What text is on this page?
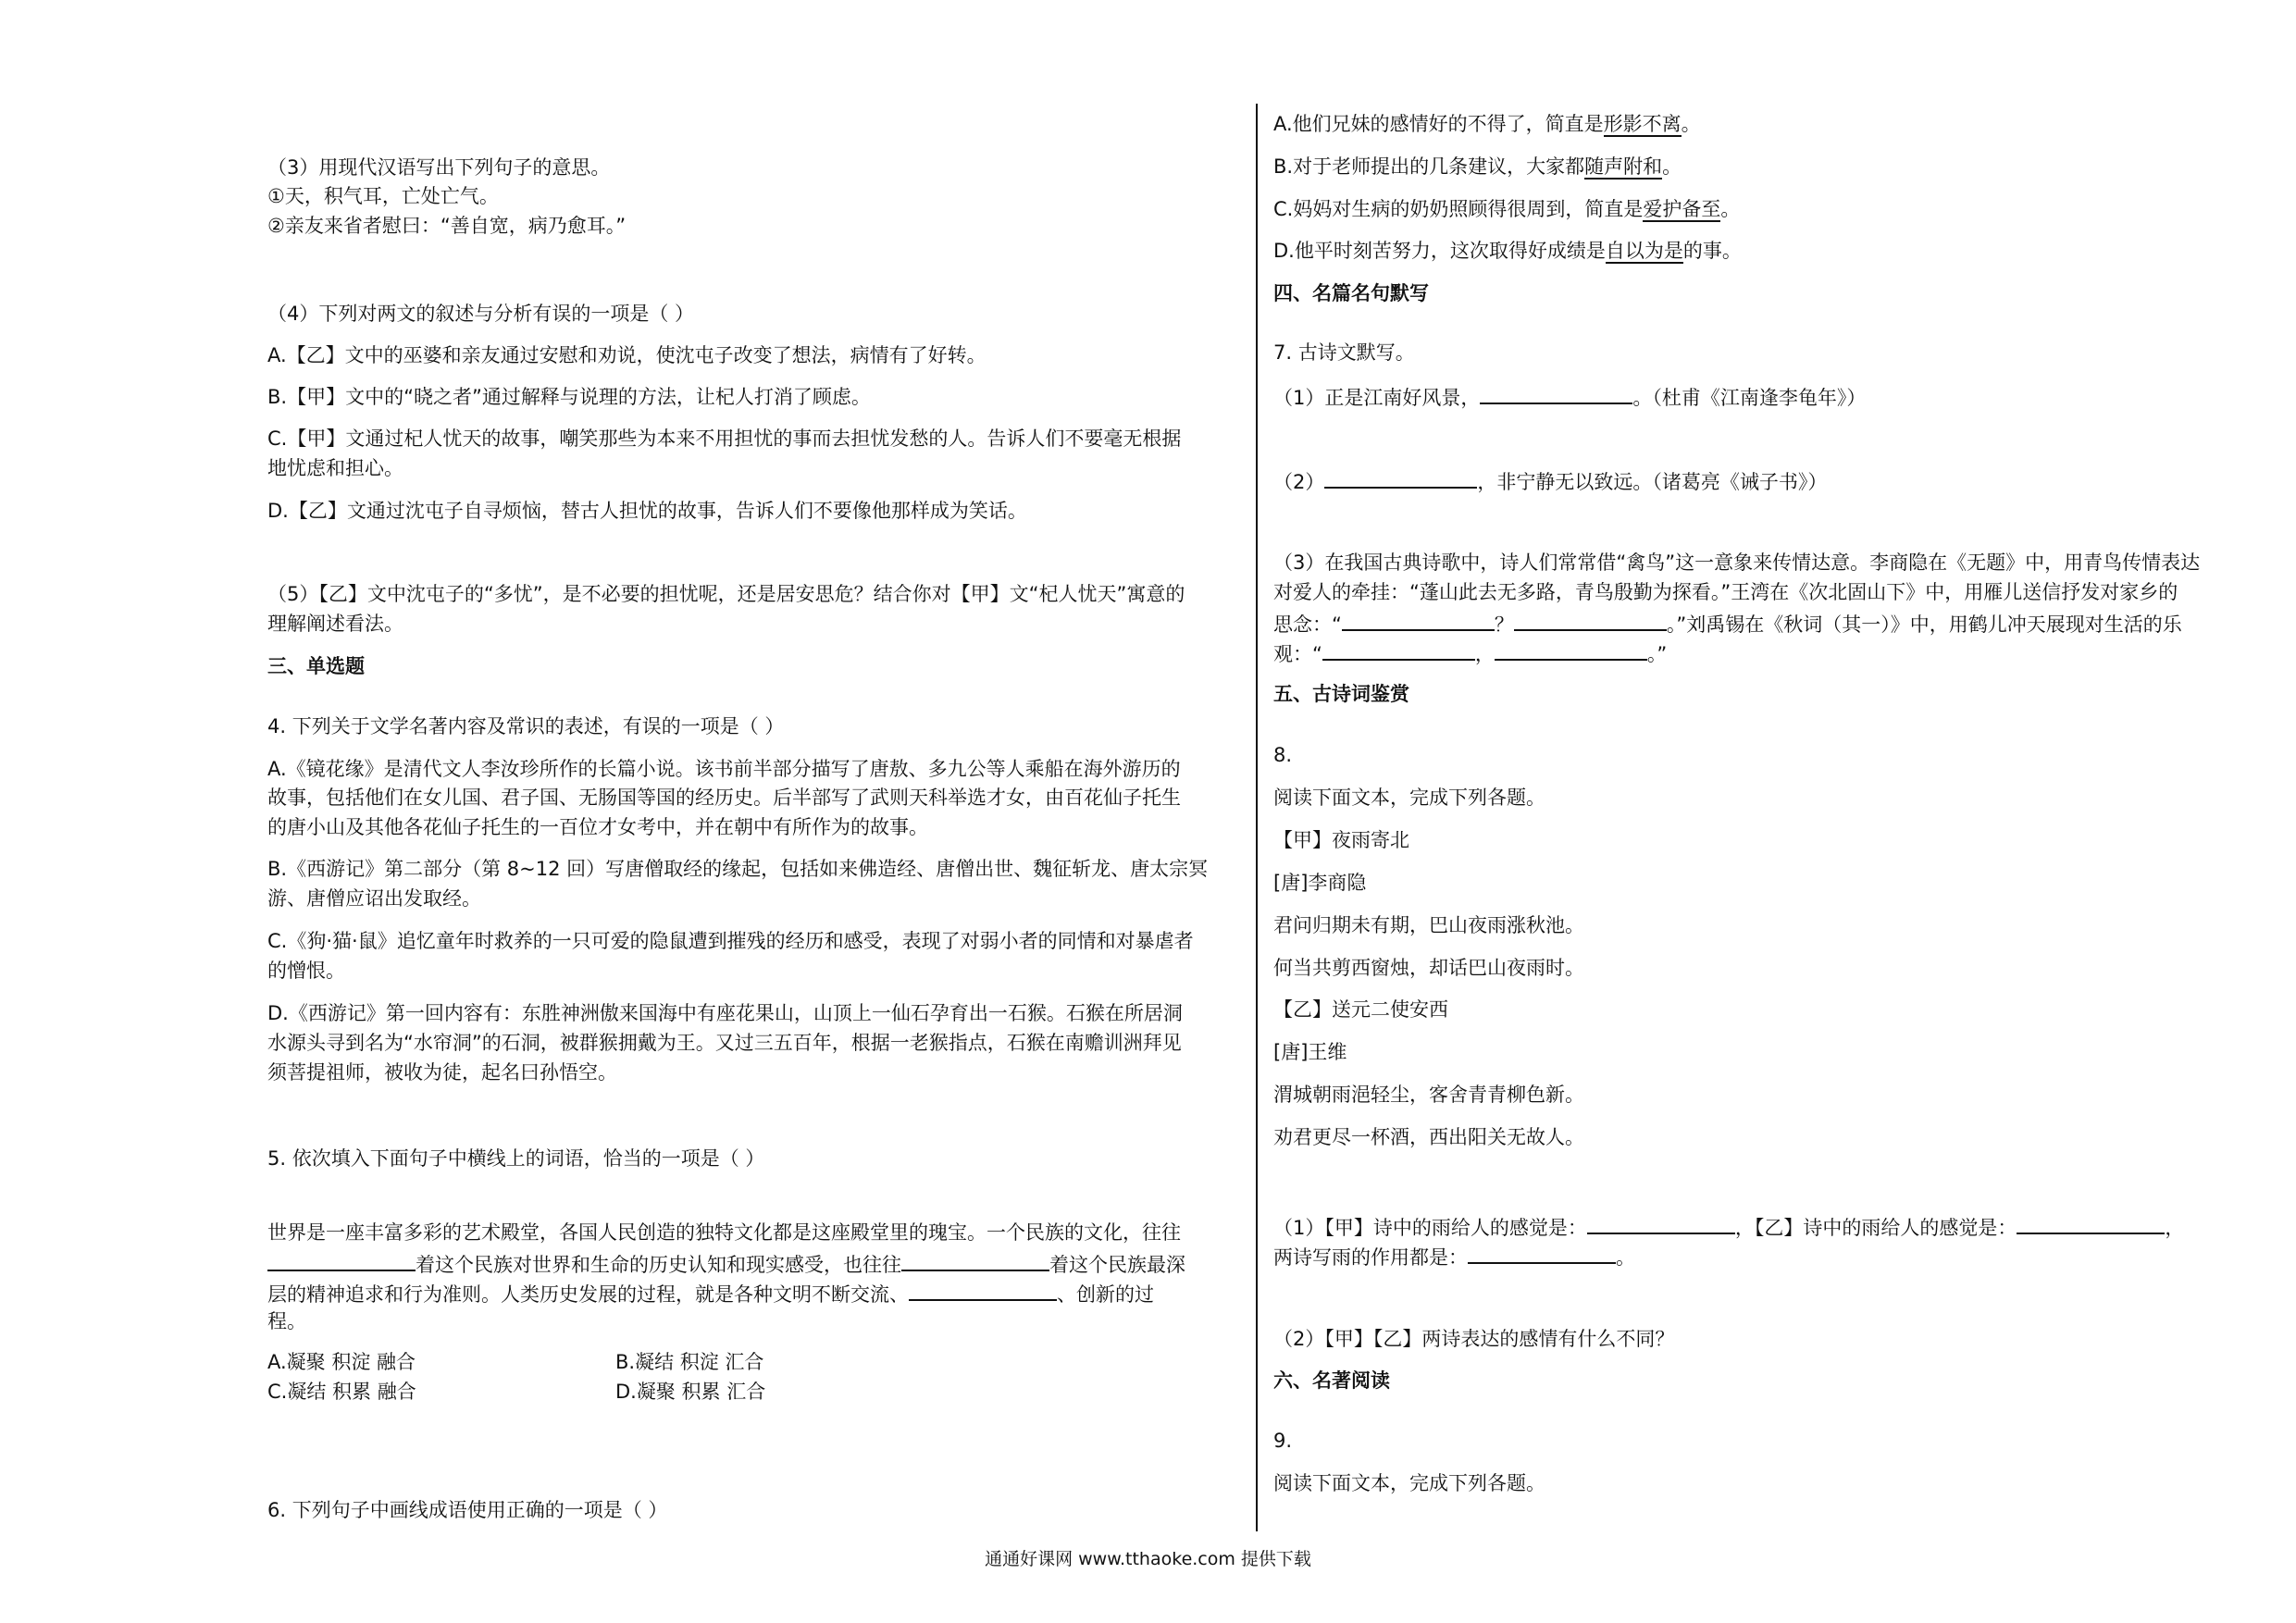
（3）用现代汉语写出下列句子的意思。
①天，积气耳，亡处亡气。
②亲友来省者慰曰：“善自宽，病乃愈耳。”
（4）下列对两文的叙述与分析有误的一项是（ ）
A.【乙】文中的巫婆和亲友通过安慰和劝说，使沈屯子改变了想法，病情有了好转。
B.【甲】文中的“晓之者”通过解释与说理的方法，让杞人打消了顾虑。
C.【甲】文通过杞人忧天的故事，嘲笑那些为本来不用担忧的事而去担忧发愁的人。告诉人们不要毫无根据
地忧虑和担心。
D.【乙】文通过沈屯子自寻烦恼，替古人担忧的故事，告诉人们不要像他那样成为笑话。
（5）【乙】文中沈屯子的“多忧”，是不必要的担忧呢，还是居安思危？结合你对【甲】文“杞人忧天”寓意的
理解阐述看法。
三、单选题
4. 下列关于文学名著内容及常识的表述，有误的一项是（ ）
A.《镜花缘》是清代文人李汝珍所作的长篇小说。该书前半部分描写了唐敖、多九公等人乘船在海外游历的
故事，包括他们在女儿国、君子国、无肠国等国的经历史。后半部写了武则天科举选才女，由百花仙子托生
的唐小山及其他各花仙子托生的一百位才女考中，并在朝中有所作为的故事。
B.《西游记》第二部分（第 8~12 回）写唐僧取经的缘起，包括如来佛造经、唐僧出世、魏征斩龙、唐太宗冥
游、唐僧应诏出发取经。
C.《狗·猫·鼠》追忆童年时救养的一只可爱的隐鼠遭到摧残的经历和感受，表现了对弱小者的同情和对暴虐者
的憎恨。
D.《西游记》第一回内容有：东胜神洲傲来国海中有座花果山，山顶上一仙石孕育出一石猴。石猴在所居洞
水源头寻到名为“水帘洞”的石洞，被群猴拥戴为王。又过三五百年，根据一老猴指点，石猴在南赡训洲拜见
须菩提祖师，被收为徒，起名曰孙悟空。
5. 依次填入下面句子中横线上的词语，恰当的一项是（ ）
世界是一座丰富多彩的艺术殿堂，各国人民创造的独特文化都是这座殿堂里的瑰宝。一个民族的文化，往往
着这个民族对世界和生命的历史认知和现实感受，也往往	着这个民族最深
层的精神追求和行为准则。人类历史发展的过程，就是各种文明不断交流、	、创新的过
程。
A.凝聚 积淀 融合	B.凝结 积淀 汇合
C.凝结 积累 融合	D.凝聚 积累 汇合
6. 下列句子中画线成语使用正确的一项是（ ）
A.他们兄妹的感情好的不得了，简直是形影不离。
B.对于老师提出的几条建议，大家都随声附和。
C.妈妈对生病的奶奶照顾得很周到，简直是爱护备至。
D.他平时刻苦努力，这次取得好成绩是自以为是的事。
四、名篇名句默写
7. 古诗文默写。
（1）正是江南好风景，	。（杜甫《江南逢李龟年》）
（2）	，非宁静无以致远。（诸葛亮《诫子书》）
（3）在我国古典诗歌中，诗人们常常借“禽鸟”这一意象来传情达意。李商隐在《无题》中，用青鸟传情表达
对爱人的牵挂：“蓬山此去无多路，青鸟殷勤为探看。”王湾在《次北固山下》中，用雁儿送信抒发对家乡的
思念：“	？	。”刘禹锡在《秋词（其一）》中，用鹤儿冲天展现对生活的乐
观：“	，	。”
五、古诗词鉴赏
8.
阅读下面文本，完成下列各题。
【甲】夜雨寄北
[唐]李商隐
君问归期未有期，巴山夜雨涨秋池。
何当共剪西窗烛，却话巴山夜雨时。
【乙】送元二使安西
[唐]王维
渭城朝雨浥轻尘，客舍青青柳色新。
劝君更尽一杯酒，西出阳关无故人。
（1）【甲】诗中的雨给人的感觉是：	，【乙】诗中的雨给人的感觉是：	，
两诗写雨的作用都是：	。
（2）【甲】【乙】两诗表达的感情有什么不同？
六、名著阅读
9.
阅读下面文本，完成下列各题。
通通好课网 www.tthaoke.com 提供下载
